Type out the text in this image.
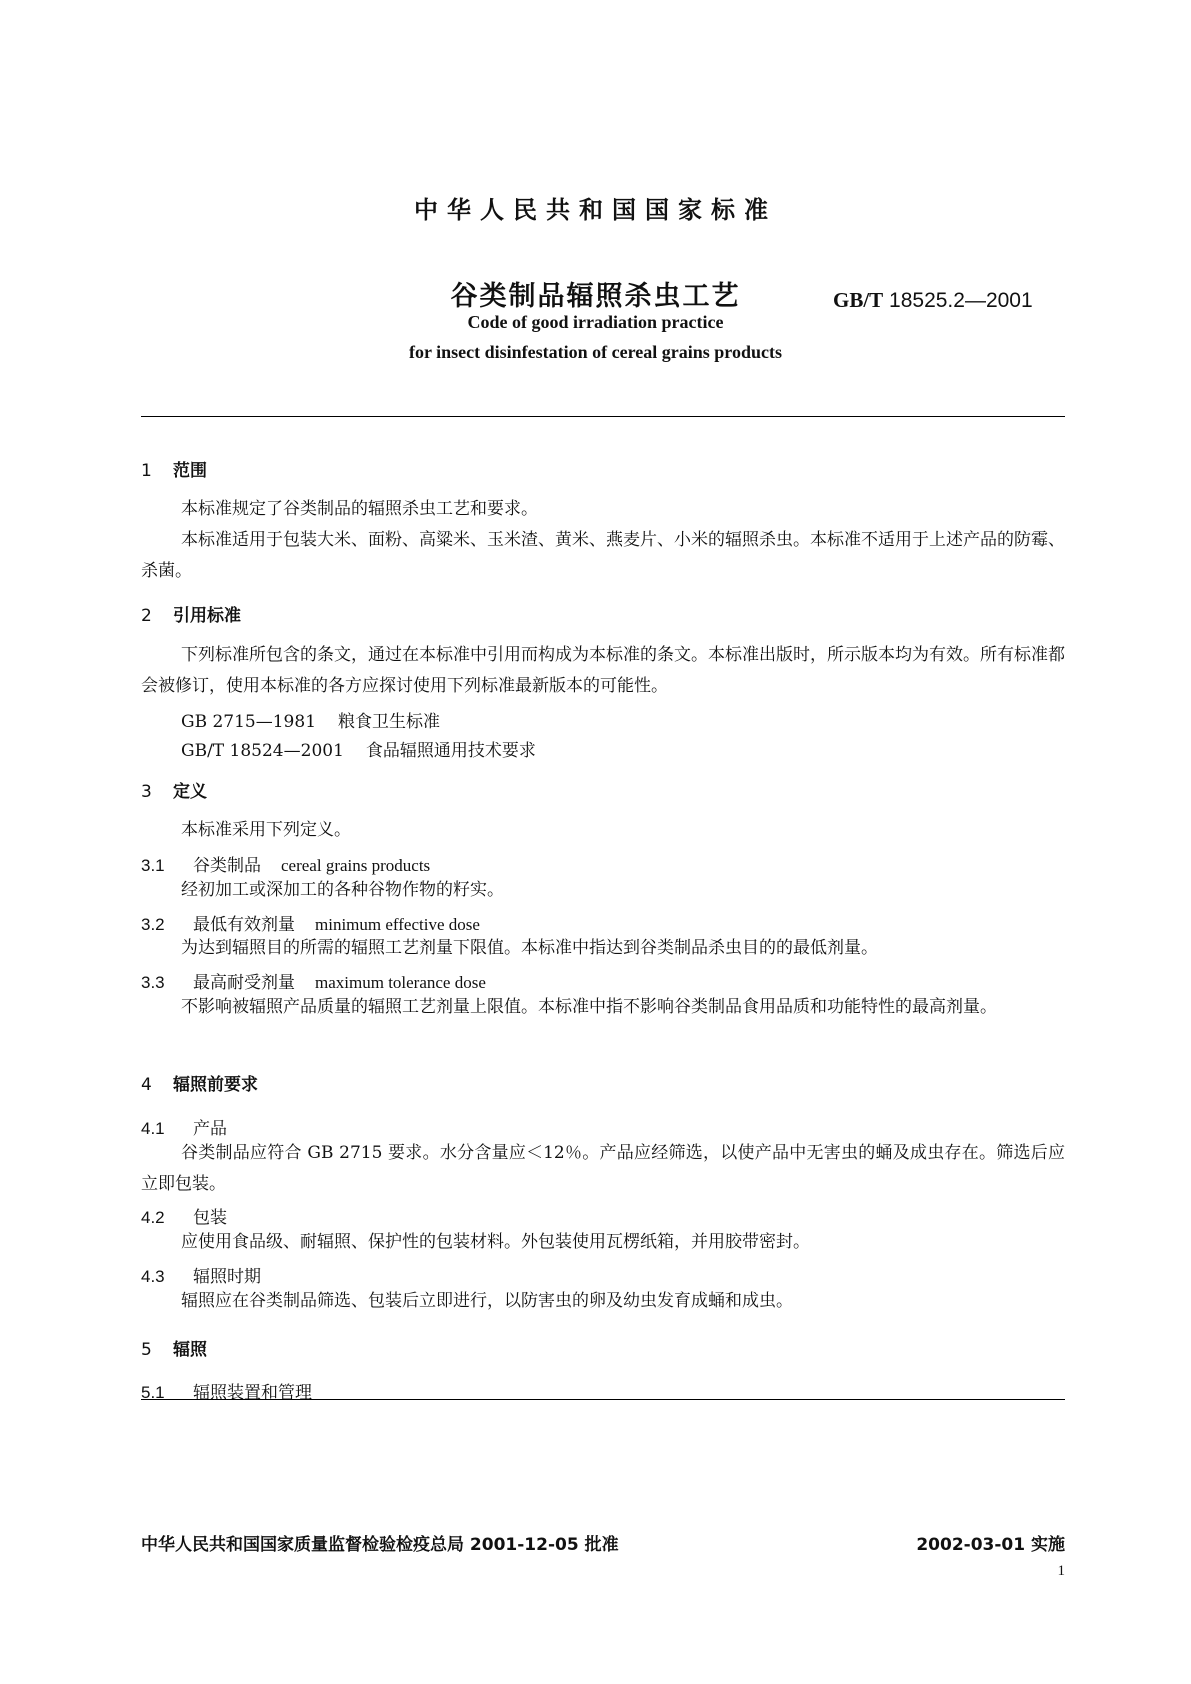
中华人民共和国国家标准
谷类制品辐照杀虫工艺	GB/T 18525.2—2001
Code of good irradiation practice
for insect disinfestation of cereal grains products
1 范围
本标准规定了谷类制品的辐照杀虫工艺和要求。
本标准适用于包装大米、面粉、高粱米、玉米渣、黄米、燕麦片、小米的辐照杀虫。本标准不适用于上述产品的防霉、杀菌。
2 引用标准
下列标准所包含的条文，通过在本标准中引用而构成为本标准的条文。本标准出版时，所示版本均为有效。所有标准都会被修订，使用本标准的各方应探讨使用下列标准最新版本的可能性。
GB 2715—1981 粮食卫生标准
GB/T 18524—2001 食品辐照通用技术要求
3 定义
本标准采用下列定义。
3.1 谷类制品 cereal grains products
经初加工或深加工的各种谷物作物的籽实。
3.2 最低有效剂量 minimum effective dose
为达到辐照目的所需的辐照工艺剂量下限值。本标准中指达到谷类制品杀虫目的的最低剂量。
3.3 最高耐受剂量 maximum tolerance dose
不影响被辐照产品质量的辐照工艺剂量上限值。本标准中指不影响谷类制品食用品质和功能特性的最高剂量。
4 辐照前要求
4.1 产品
谷类制品应符合 GB 2715 要求。水分含量应＜12％。产品应经筛选，以使产品中无害虫的蛹及成虫存在。筛选后应立即包装。
4.2 包装
应使用食品级、耐辐照、保护性的包装材料。外包装使用瓦楞纸箱，并用胶带密封。
4.3 辐照时期
辐照应在谷类制品筛选、包装后立即进行，以防害虫的卵及幼虫发育成蛹和成虫。
5 辐照
5.1 辐照装置和管理
中华人民共和国国家质量监督检验检疫总局 2001-12-05 批准	2002-03-01 实施
1
